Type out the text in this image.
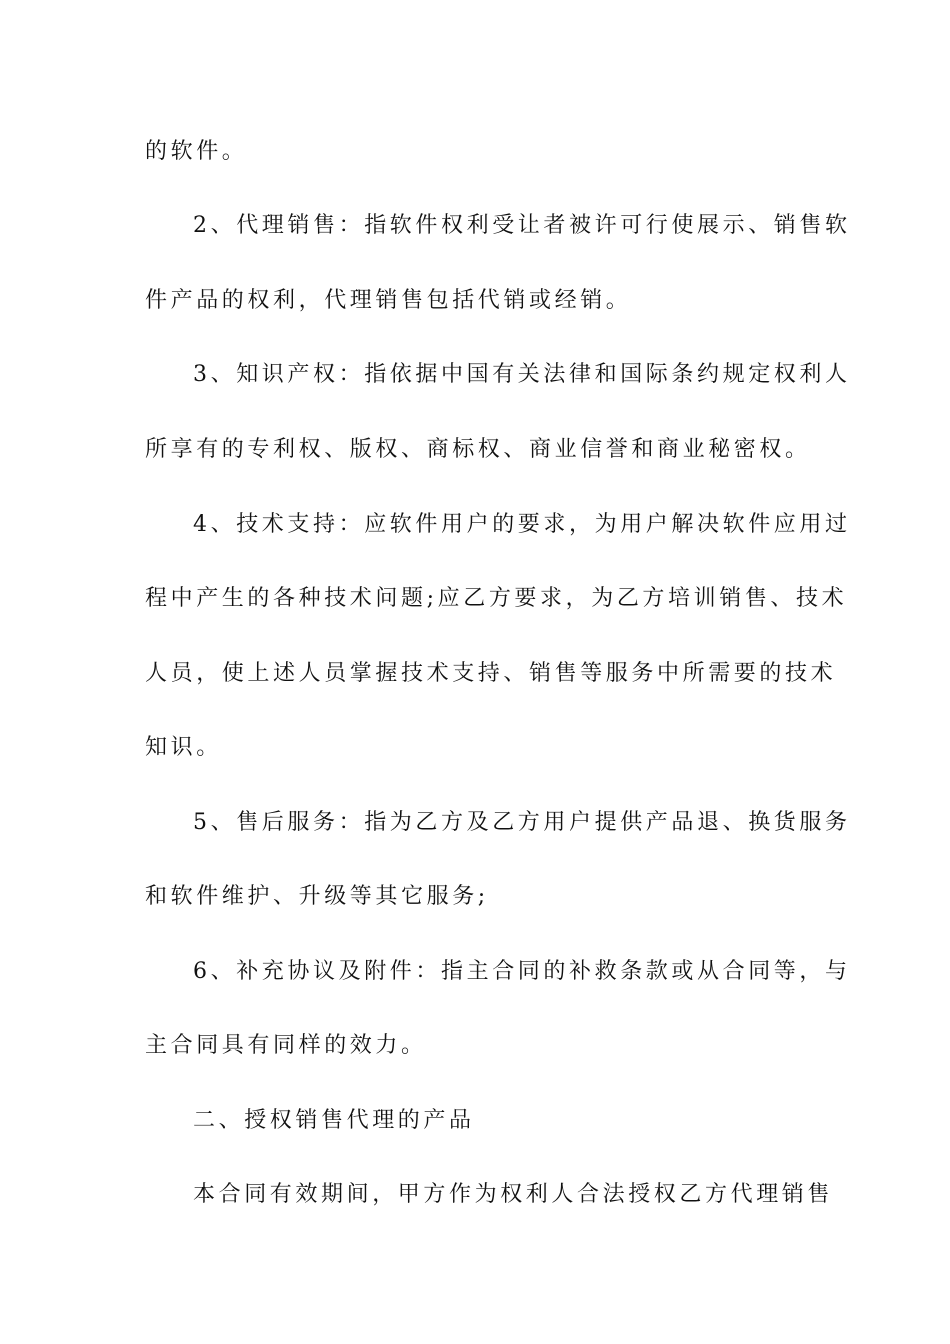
的软件。

2、代理销售：指软件权利受让者被许可行使展示、销售软

件产品的权利，代理销售包括代销或经销。

3、知识产权：指依据中国有关法律和国际条约规定权利人

所享有的专利权、版权、商标权、商业信誉和商业秘密权。

4、技术支持：应软件用户的要求，为用户解决软件应用过

程中产生的各种技术问题;应乙方要求，为乙方培训销售、技术

人员，使上述人员掌握技术支持、销售等服务中所需要的技术

知识。

5、售后服务：指为乙方及乙方用户提供产品退、换货服务

和软件维护、升级等其它服务;

6、补充协议及附件：指主合同的补救条款或从合同等，与

主合同具有同样的效力。

二、授权销售代理的产品

本合同有效期间，甲方作为权利人合法授权乙方代理销售
